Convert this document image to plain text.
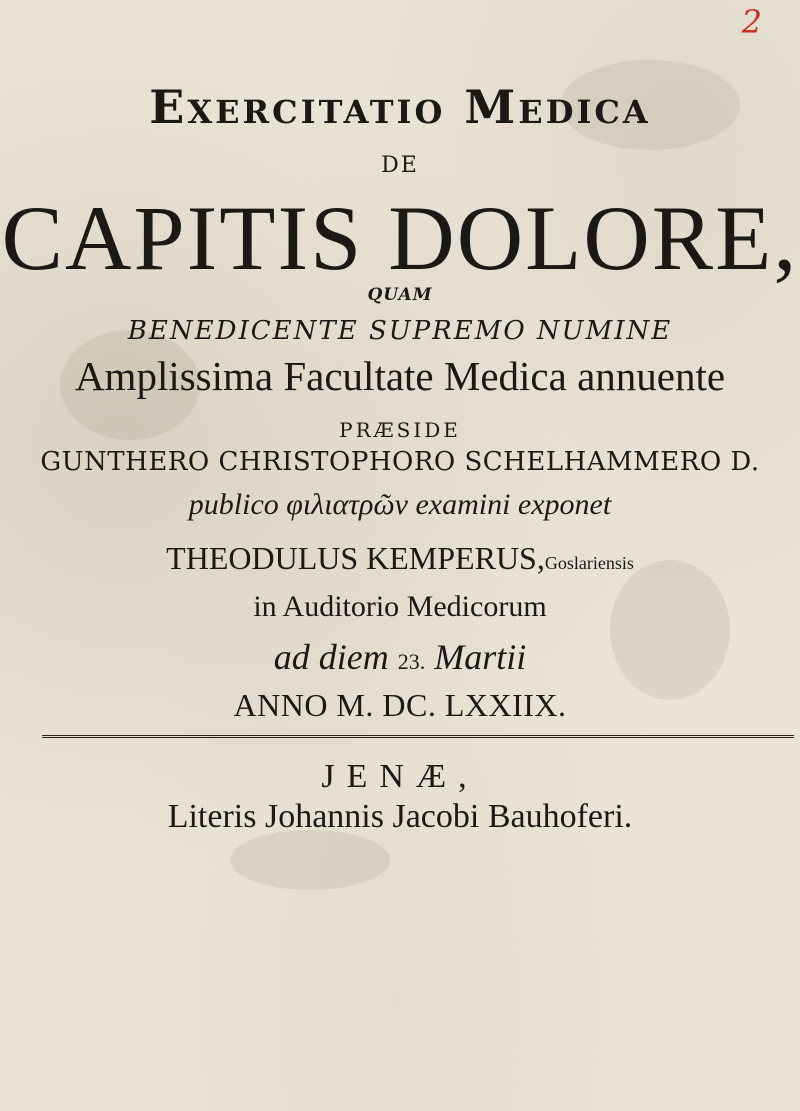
2
Exercitatio Medica
DE
CAPITIS DOLORE,
QUAM
BENEDICENTE SUPREMO NUMINE
Amplissima Facultate Medica annuente
PRÆSIDE
GUNTHERO CHRISTOPHORO SCHELHAMMERO D.
publico φιλιατρῶν examini exponet
THEODULUS KEMPERUS,Goslariensis
in Auditorio Medicorum
ad diem 23. Martii
ANNO M. DC. LXXIIX.
JENÆ,
Literis Johannis Jacobi Bauhoferi.
